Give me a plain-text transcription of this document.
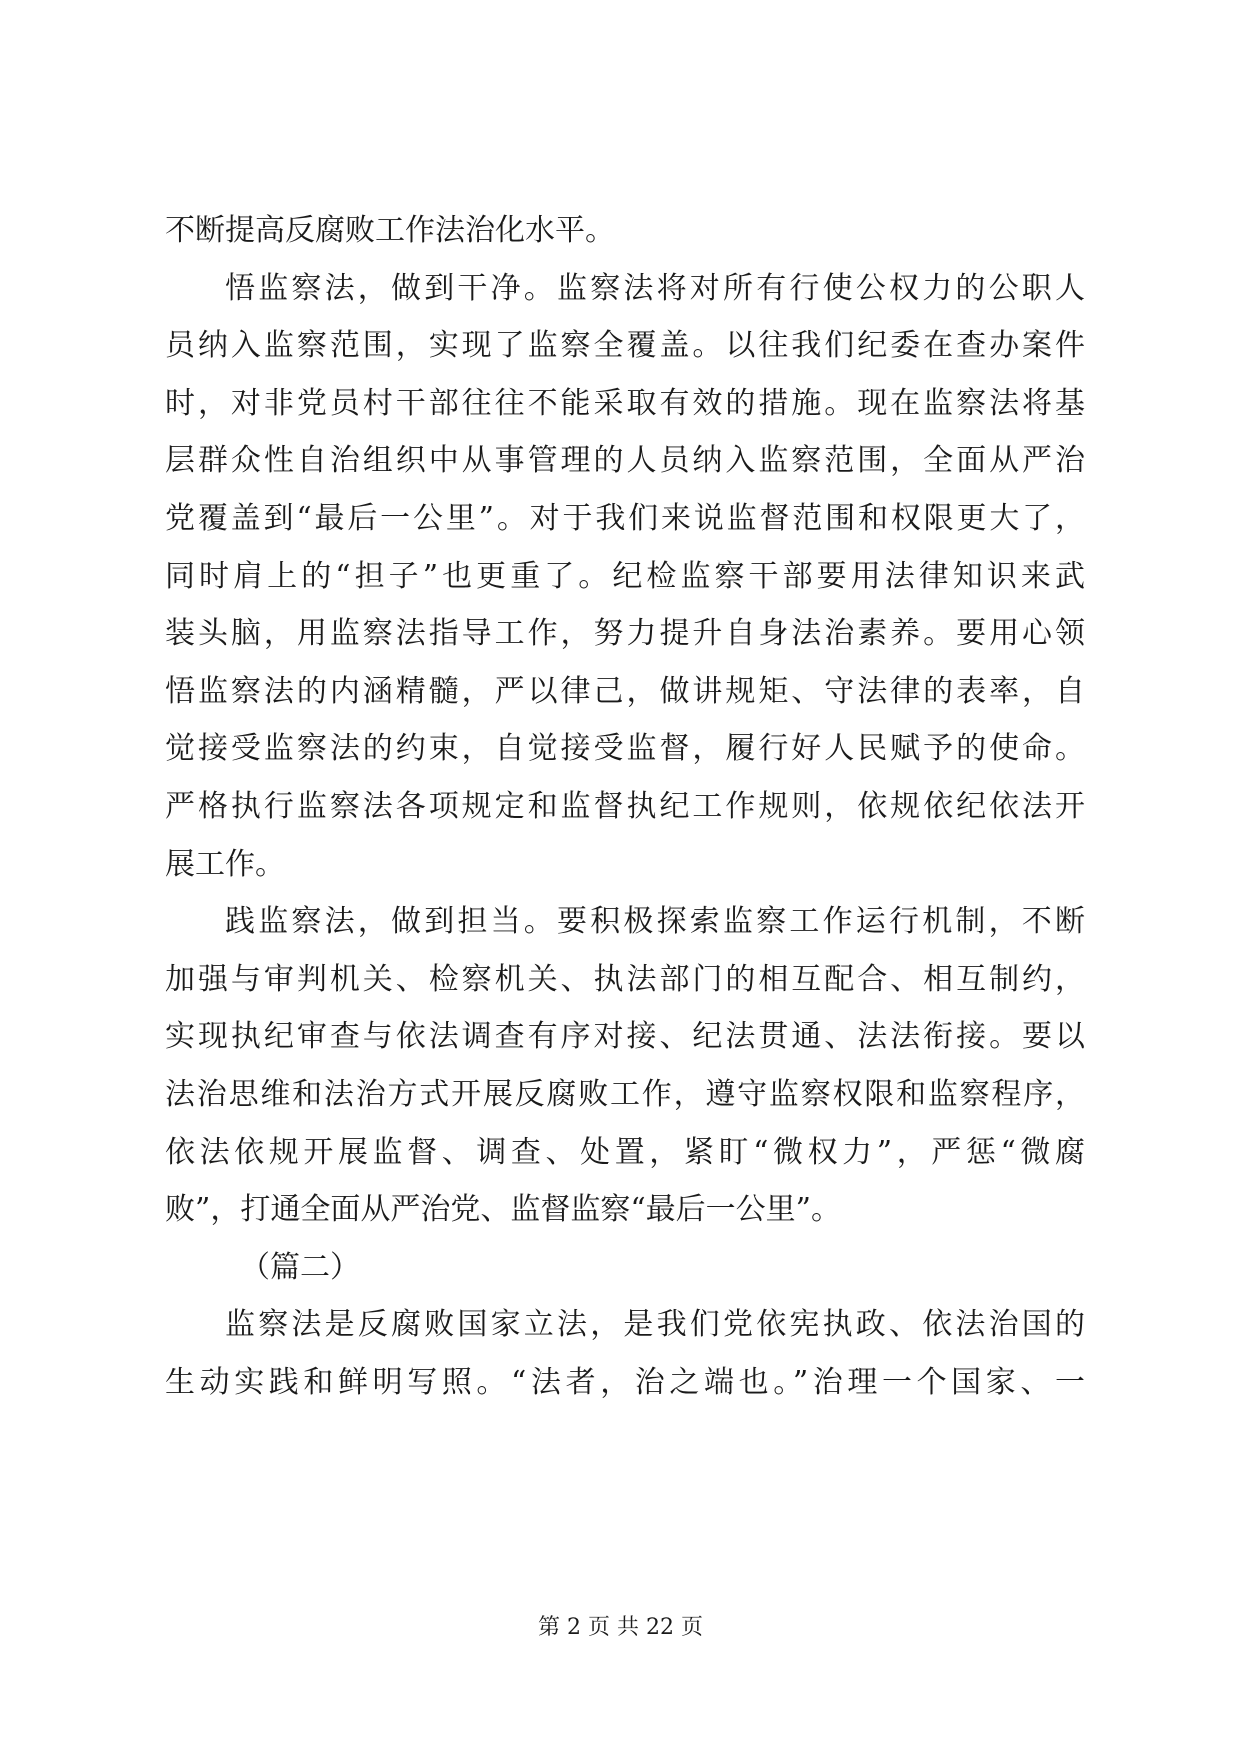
不断提高反腐败工作法治化水平。
悟监察法，做到干净。监察法将对所有行使公权力的公职人
员纳入监察范围，实现了监察全覆盖。以往我们纪委在查办案件
时，对非党员村干部往往不能采取有效的措施。现在监察法将基
层群众性自治组织中从事管理的人员纳入监察范围，全面从严治
党覆盖到“最后一公里”。对于我们来说监督范围和权限更大了，
同时肩上的“担子”也更重了。纪检监察干部要用法律知识来武
装头脑，用监察法指导工作，努力提升自身法治素养。要用心领
悟监察法的内涵精髓，严以律己，做讲规矩、守法律的表率，自
觉接受监察法的约束，自觉接受监督，履行好人民赋予的使命。
严格执行监察法各项规定和监督执纪工作规则，依规依纪依法开
展工作。
践监察法，做到担当。要积极探索监察工作运行机制，不断
加强与审判机关、检察机关、执法部门的相互配合、相互制约，
实现执纪审查与依法调查有序对接、纪法贯通、法法衔接。要以
法治思维和法治方式开展反腐败工作，遵守监察权限和监察程序，
依法依规开展监督、调查、处置，紧盯“微权力”，严惩“微腐
败”，打通全面从严治党、监督监察“最后一公里”。
（篇二）
监察法是反腐败国家立法，是我们党依宪执政、依法治国的
生动实践和鲜明写照。“法者，治之端也。”治理一个国家、一
第 2 页 共 22 页
